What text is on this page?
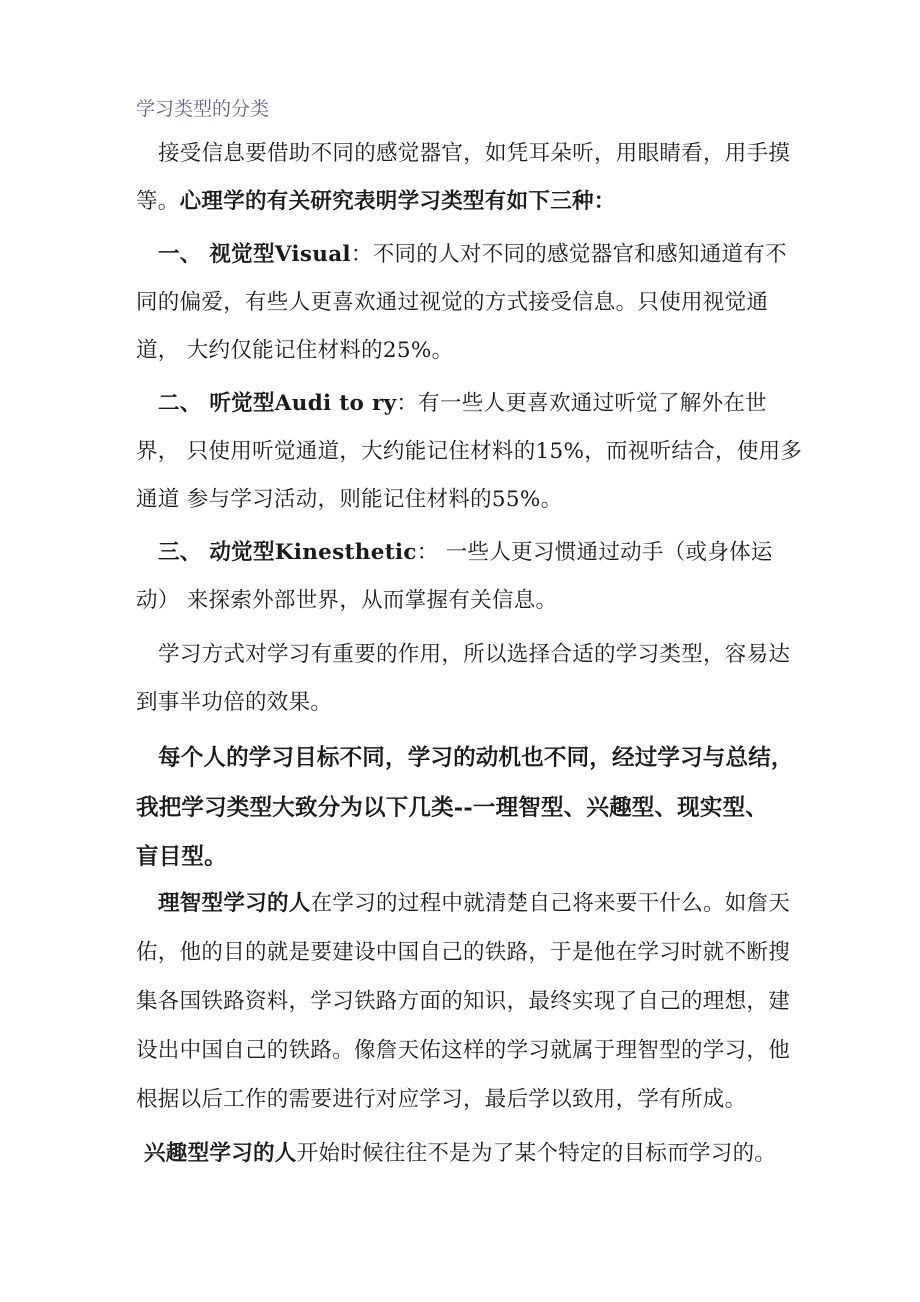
学习类型的分类

接受信息要借助不同的感觉器官，如凭耳朵听，用眼睛看，用手摸

等。心理学的有关研究表明学习类型有如下三种：

一、 视觉型Visual：不同的人对不同的感觉器官和感知通道有不

同的偏爱，有些人更喜欢通过视觉的方式接受信息。只使用视觉通

道， 大约仅能记住材料的25%。

二、 听觉型Audi to ry：有一些人更喜欢通过听觉了解外在世

界， 只使用听觉通道，大约能记住材料的15%，而视听结合，使用多

通道 参与学习活动，则能记住材料的55%。

三、 动觉型Kinesthetic： 一些人更习惯通过动手（或身体运

动） 来探索外部世界，从而掌握有关信息。

学习方式对学习有重要的作用，所以选择合适的学习类型，容易达

到事半功倍的效果。

每个人的学习目标不同，学习的动机也不同，经过学习与总结，

我把学习类型大致分为以下几类--一理智型、兴趣型、现实型、

盲目型。

理智型学习的人在学习的过程中就清楚自己将来要干什么。如詹天

佑，他的目的就是要建设中国自己的铁路，于是他在学习时就不断搜

集各国铁路资料，学习铁路方面的知识，最终实现了自己的理想，建

设出中国自己的铁路。像詹天佑这样的学习就属于理智型的学习，他

根据以后工作的需要进行对应学习，最后学以致用，学有所成。

兴趣型学习的人开始时候往往不是为了某个特定的目标而学习的。
